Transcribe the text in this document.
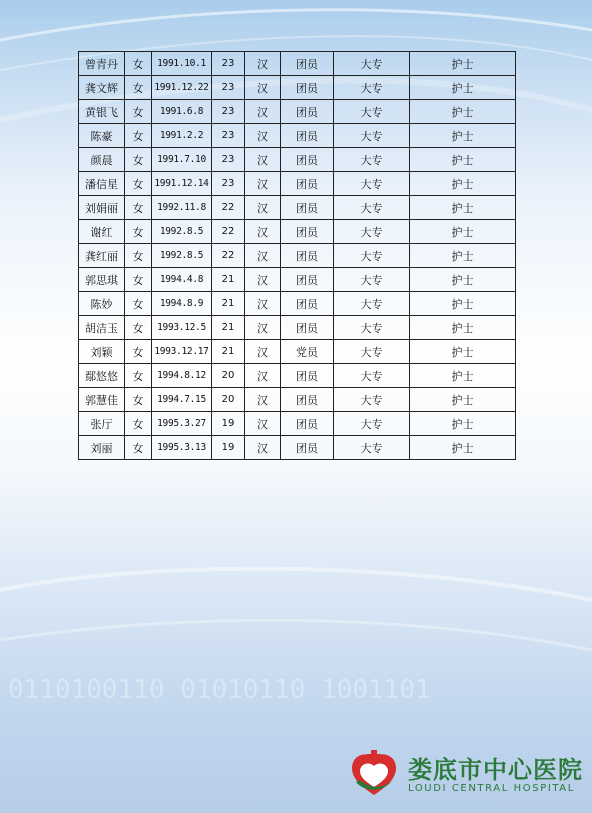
0110100110 01010110 1001101
曾青丹	女	1991.10.1	23	汉	团员	大专	护士
龚文辉	女	1991.12.22	23	汉	团员	大专	护士
黄银飞	女	1991.6.8	23	汉	团员	大专	护士
陈豪	女	1991.2.2	23	汉	团员	大专	护士
颜晨	女	1991.7.10	23	汉	团员	大专	护士
潘信星	女	1991.12.14	23	汉	团员	大专	护士
刘娟丽	女	1992.11.8	22	汉	团员	大专	护士
谢红	女	1992.8.5	22	汉	团员	大专	护士
龚红丽	女	1992.8.5	22	汉	团员	大专	护士
郭思琪	女	1994.4.8	21	汉	团员	大专	护士
陈妙	女	1994.8.9	21	汉	团员	大专	护士
胡洁玉	女	1993.12.5	21	汉	团员	大专	护士
刘颖	女	1993.12.17	21	汉	党员	大专	护士
鄢悠悠	女	1994.8.12	20	汉	团员	大专	护士
郭慧佳	女	1994.7.15	20	汉	团员	大专	护士
张厅	女	1995.3.27	19	汉	团员	大专	护士
刘丽	女	1995.3.13	19	汉	团员	大专	护士
娄底市中心医院
LOUDI CENTRAL HOSPITAL
